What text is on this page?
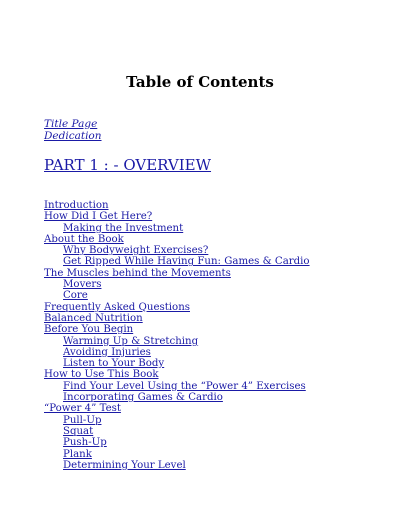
Table of Contents
Title Page
Dedication
PART 1 : - OVERVIEW
Introduction
How Did I Get Here?
Making the Investment
About the Book
Why Bodyweight Exercises?
Get Ripped While Having Fun: Games & Cardio
The Muscles behind the Movements
Movers
Core
Frequently Asked Questions
Balanced Nutrition
Before You Begin
Warming Up & Stretching
Avoiding Injuries
Listen to Your Body
How to Use This Book
Find Your Level Using the “Power 4” Exercises
Incorporating Games & Cardio
“Power 4” Test
Pull-Up
Squat
Push-Up
Plank
Determining Your Level
